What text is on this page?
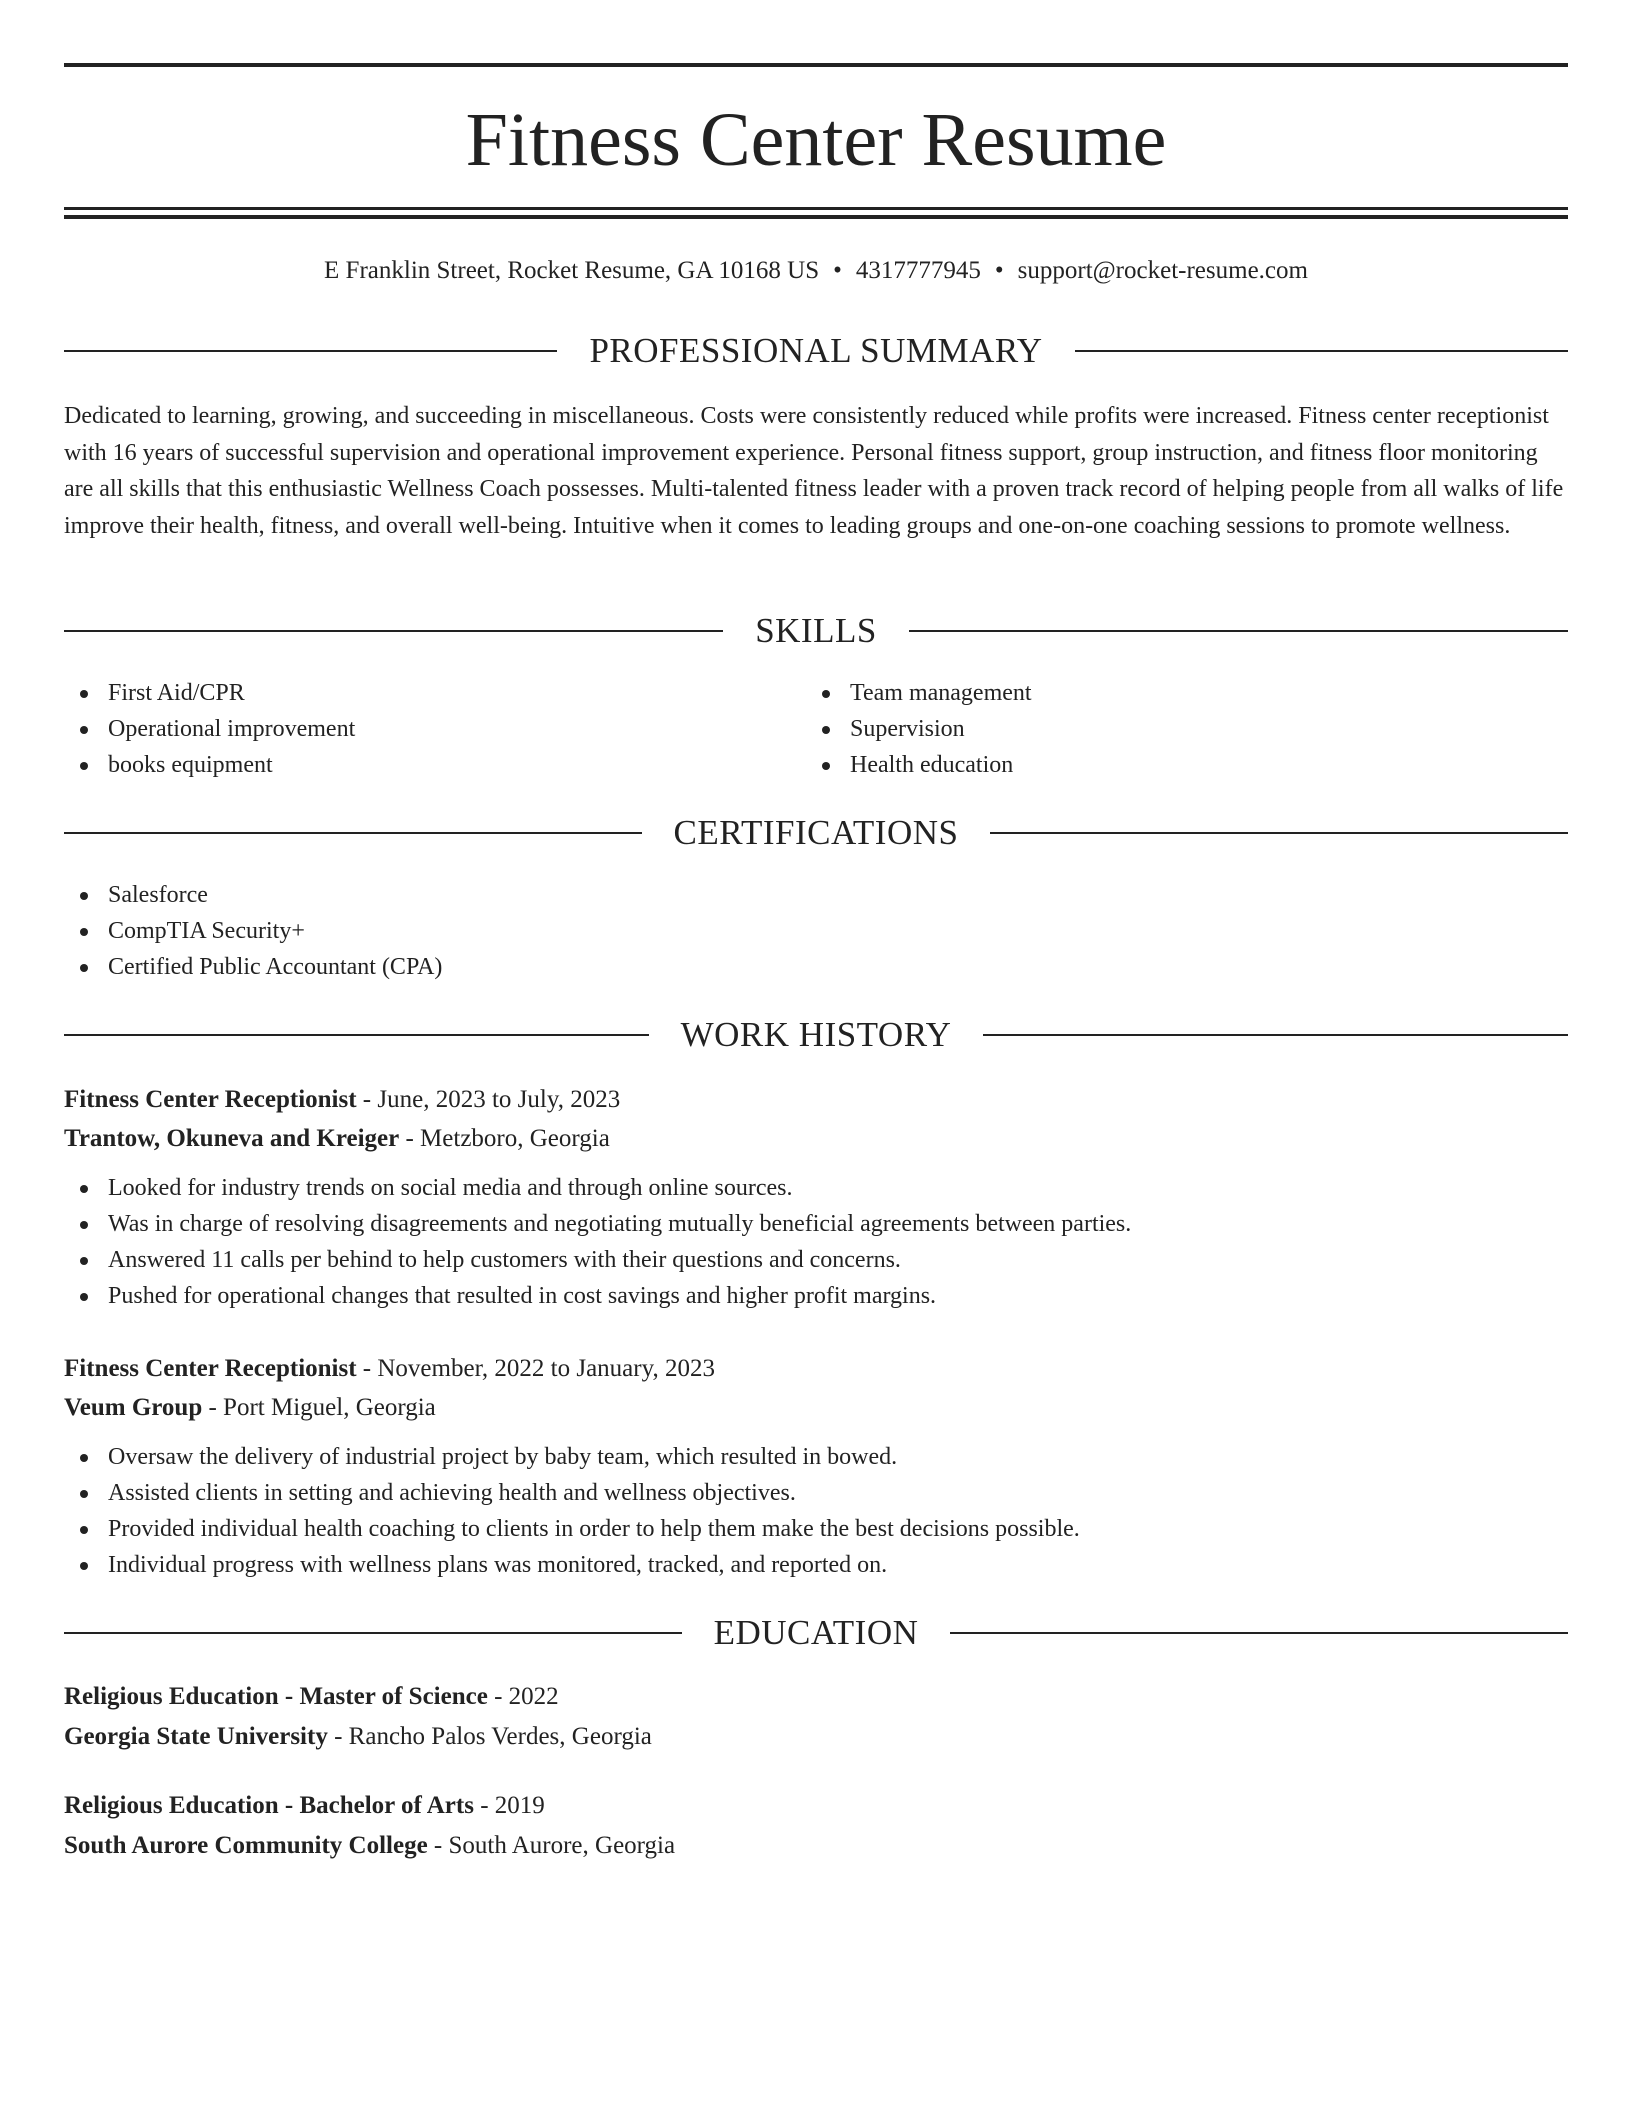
Fitness Center Resume
E Franklin Street, Rocket Resume, GA 10168 US • 4317777945 • support@rocket-resume.com
PROFESSIONAL SUMMARY

Dedicated to learning, growing, and succeeding in miscellaneous. Costs were consistently reduced while profits were increased. Fitness center receptionist with 16 years of successful supervision and operational improvement experience. Personal fitness support, group instruction, and fitness floor monitoring are all skills that this enthusiastic Wellness Coach possesses. Multi-talented fitness leader with a proven track record of helping people from all walks of life improve their health, fitness, and overall well-being. Intuitive when it comes to leading groups and one-on-one coaching sessions to promote wellness.

SKILLS
First Aid/CPR
Operational improvement
books equipment
Team management
Supervision
Health education
CERTIFICATIONS
Salesforce
CompTIA Security+
Certified Public Accountant (CPA)
WORK HISTORY
Fitness Center Receptionist - June, 2023 to July, 2023
Trantow, Okuneva and Kreiger - Metzboro, Georgia
Looked for industry trends on social media and through online sources.
Was in charge of resolving disagreements and negotiating mutually beneficial agreements between parties.
Answered 11 calls per behind to help customers with their questions and concerns.
Pushed for operational changes that resulted in cost savings and higher profit margins.
Fitness Center Receptionist - November, 2022 to January, 2023
Veum Group - Port Miguel, Georgia
Oversaw the delivery of industrial project by baby team, which resulted in bowed.
Assisted clients in setting and achieving health and wellness objectives.
Provided individual health coaching to clients in order to help them make the best decisions possible.
Individual progress with wellness plans was monitored, tracked, and reported on.
EDUCATION
Religious Education - Master of Science - 2022
Georgia State University - Rancho Palos Verdes, Georgia
Religious Education - Bachelor of Arts - 2019
South Aurore Community College - South Aurore, Georgia
